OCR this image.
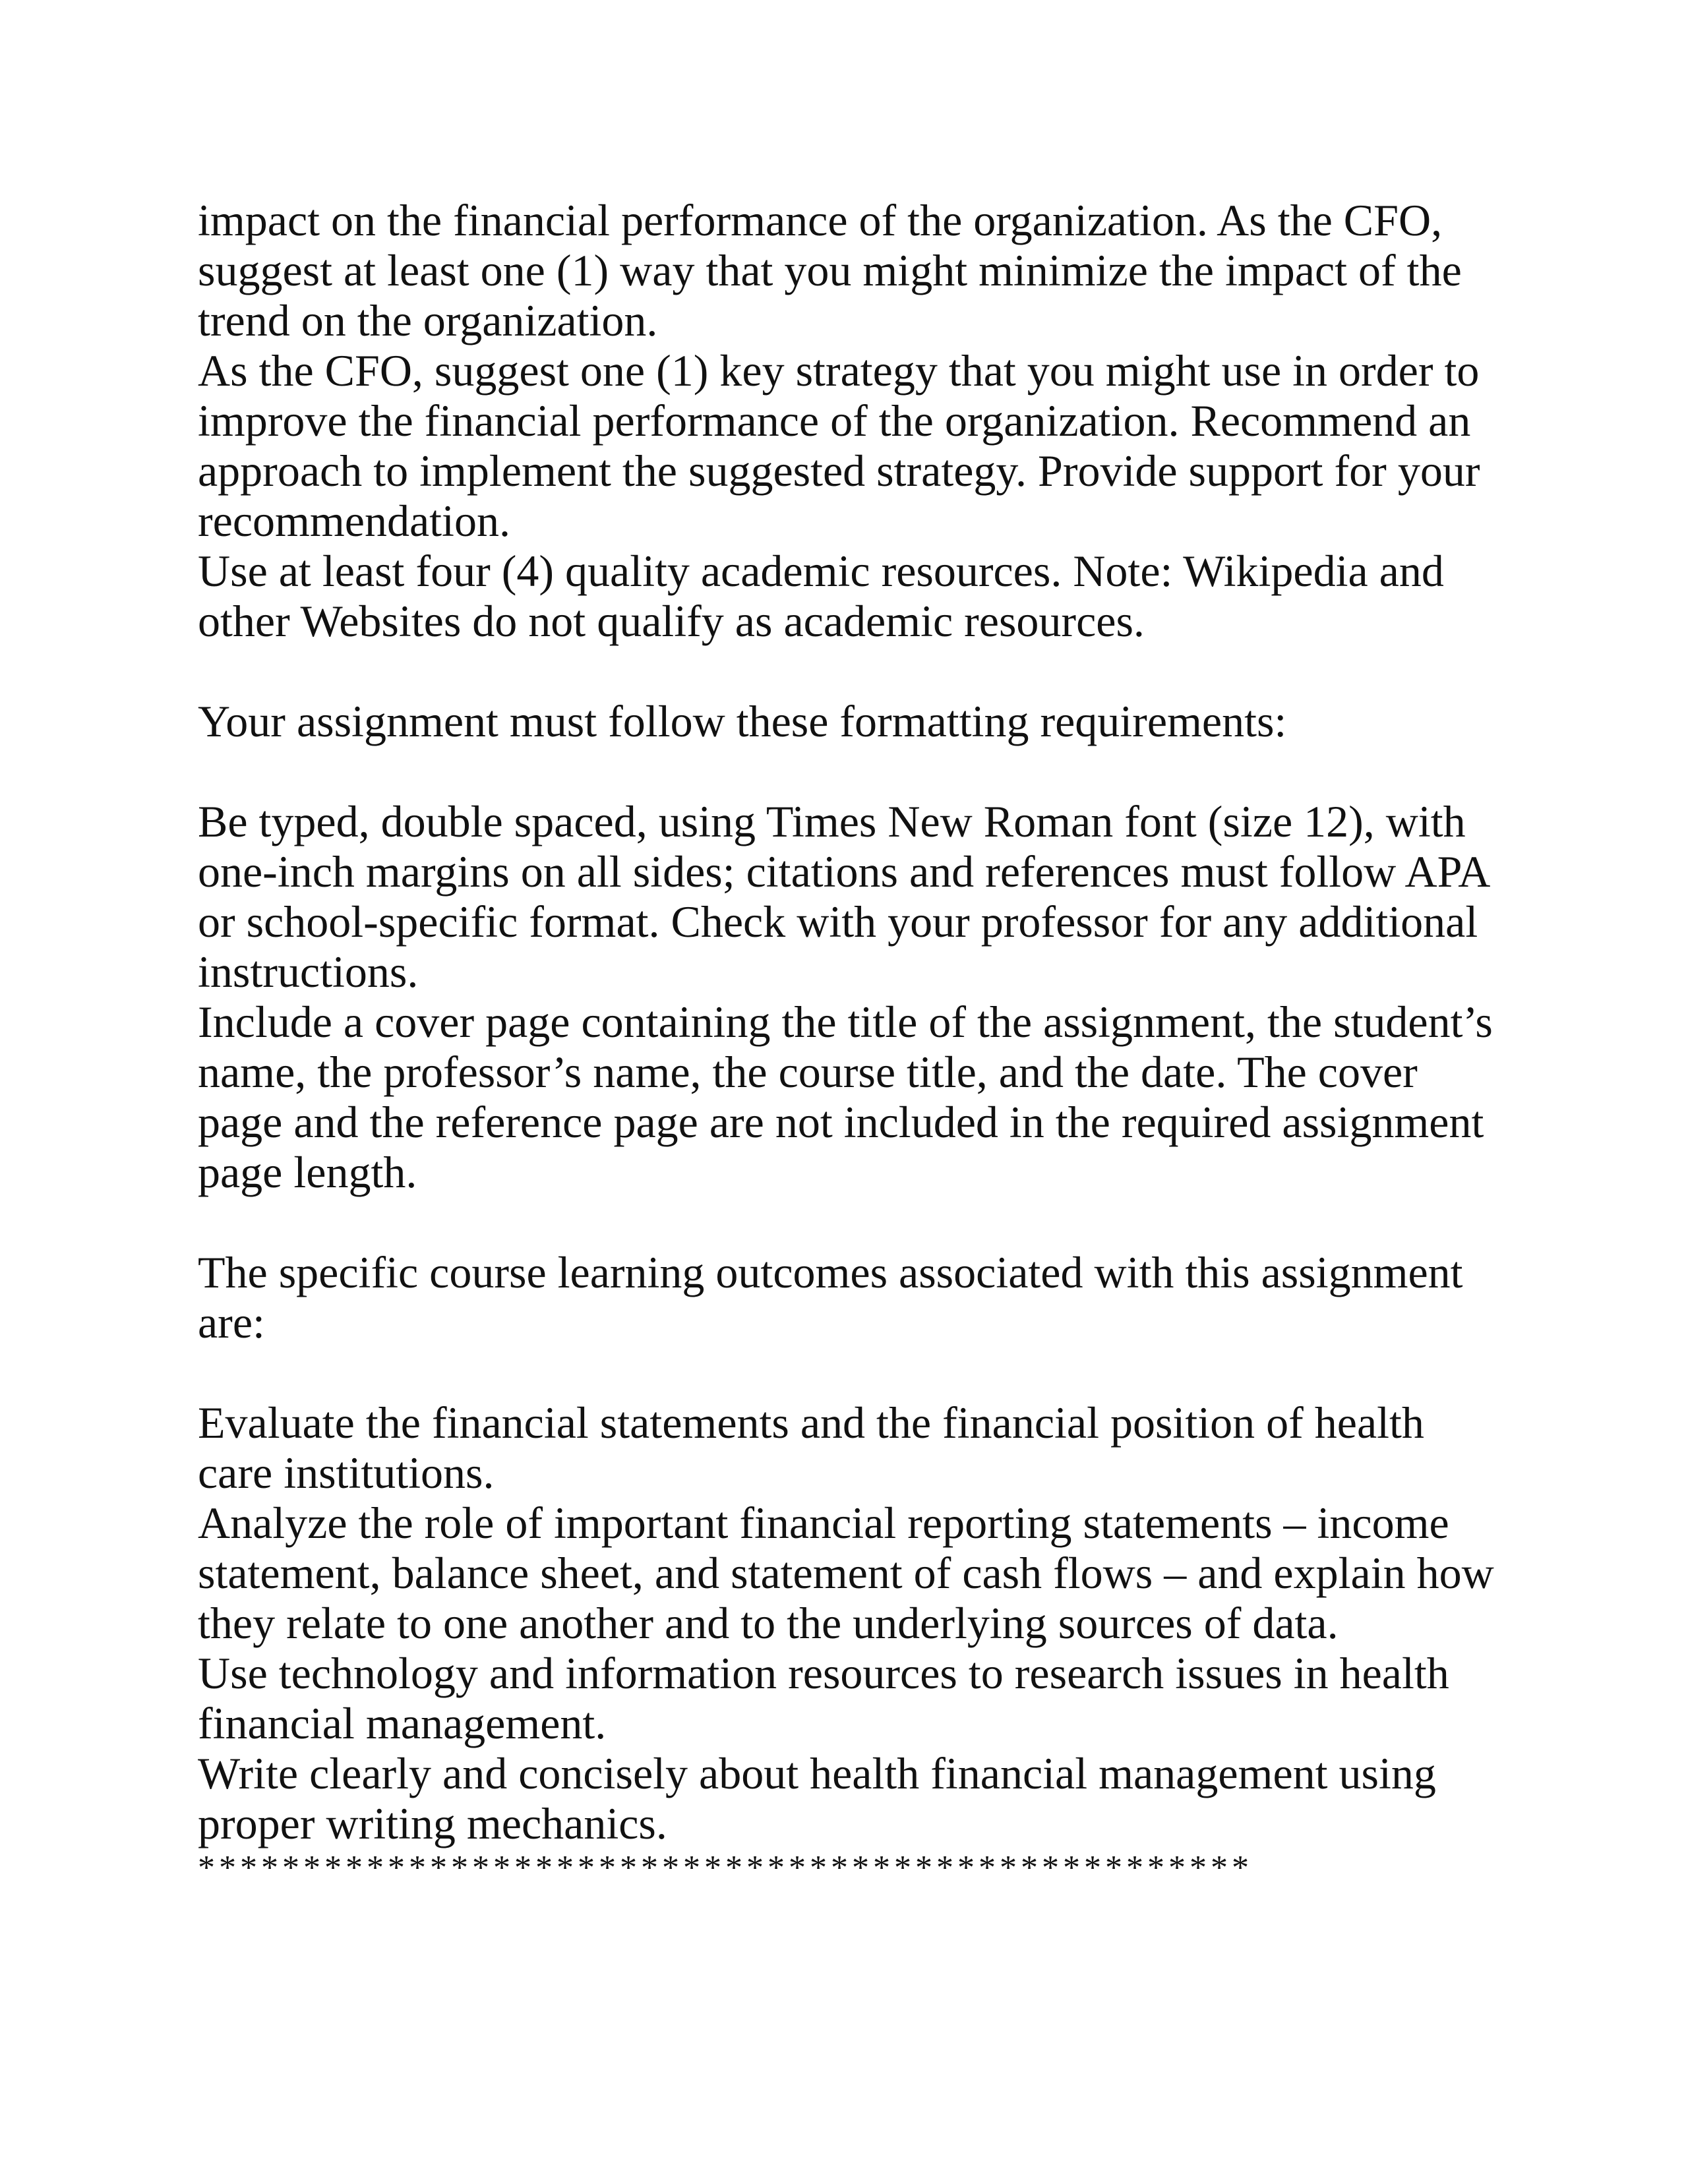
impact on the financial performance of the organization. As the CFO, suggest at least one (1) way that you might minimize the impact of the trend on the organization.

As the CFO, suggest one (1) key strategy that you might use in order to improve the financial performance of the organization. Recommend an approach to implement the suggested strategy. Provide support for your recommendation.

Use at least four (4) quality academic resources. Note: Wikipedia and other Websites do not qualify as academic resources.

Your assignment must follow these formatting requirements:

Be typed, double spaced, using Times New Roman font (size 12), with one-inch margins on all sides; citations and references must follow APA or school-specific format. Check with your professor for any additional instructions.

Include a cover page containing the title of the assignment, the student’s name, the professor’s name, the course title, and the date. The cover page and the reference page are not included in the required assignment page length.

The specific course learning outcomes associated with this assignment are:

Evaluate the financial statements and the financial position of health care institutions.

Analyze the role of important financial reporting statements – income statement, balance sheet, and statement of cash flows – and explain how they relate to one another and to the underlying sources of data.

Use technology and information resources to research issues in health financial management.

Write clearly and concisely about health financial management using proper writing mechanics.

**************************************************
